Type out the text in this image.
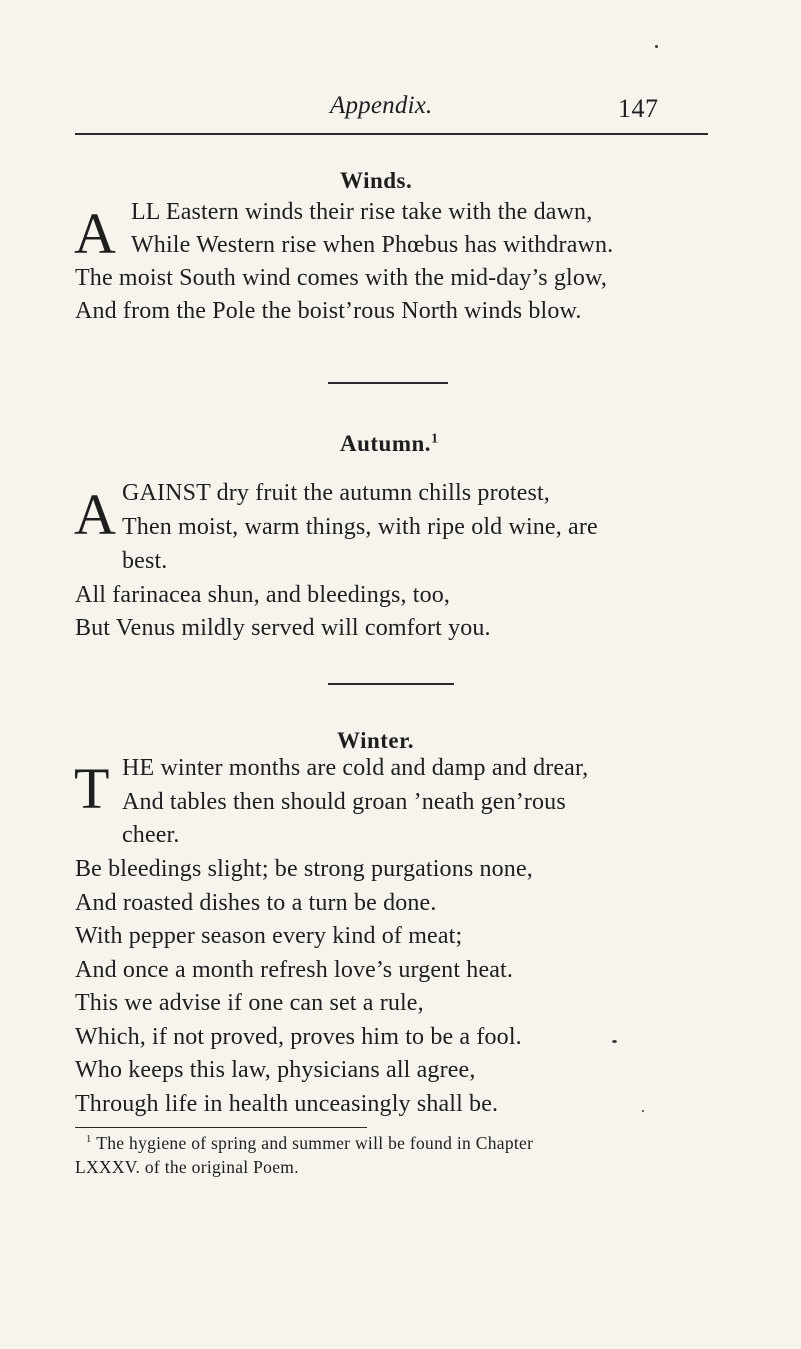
Appendix.	147
Winds.
A LL Eastern winds their rise take with the dawn,
While Western rise when Phœbus has withdrawn.
The moist South wind comes with the mid-day’s glow,
And from the Pole the boist’rous North winds blow.
Autumn.$^1$
A GAINST dry fruit the autumn chills protest,
Then moist, warm things, with ripe old wine, are
best.
All farinacea shun, and bleedings, too,
But Venus mildly served will comfort you.
Winter.
T HE winter months are cold and damp and drear,
And tables then should groan ’neath gen’rous
cheer.
Be bleedings slight; be strong purgations none,
And roasted dishes to a turn be done.
With pepper season every kind of meat;
And once a month refresh love’s urgent heat.
This we advise if one can set a rule,
Which, if not proved, proves him to be a fool.
Who keeps this law, physicians all agree,
Through life in health unceasingly shall be.
$^1$ The hygiene of spring and summer will be found in Chapter
LXXXV. of the original Poem.
